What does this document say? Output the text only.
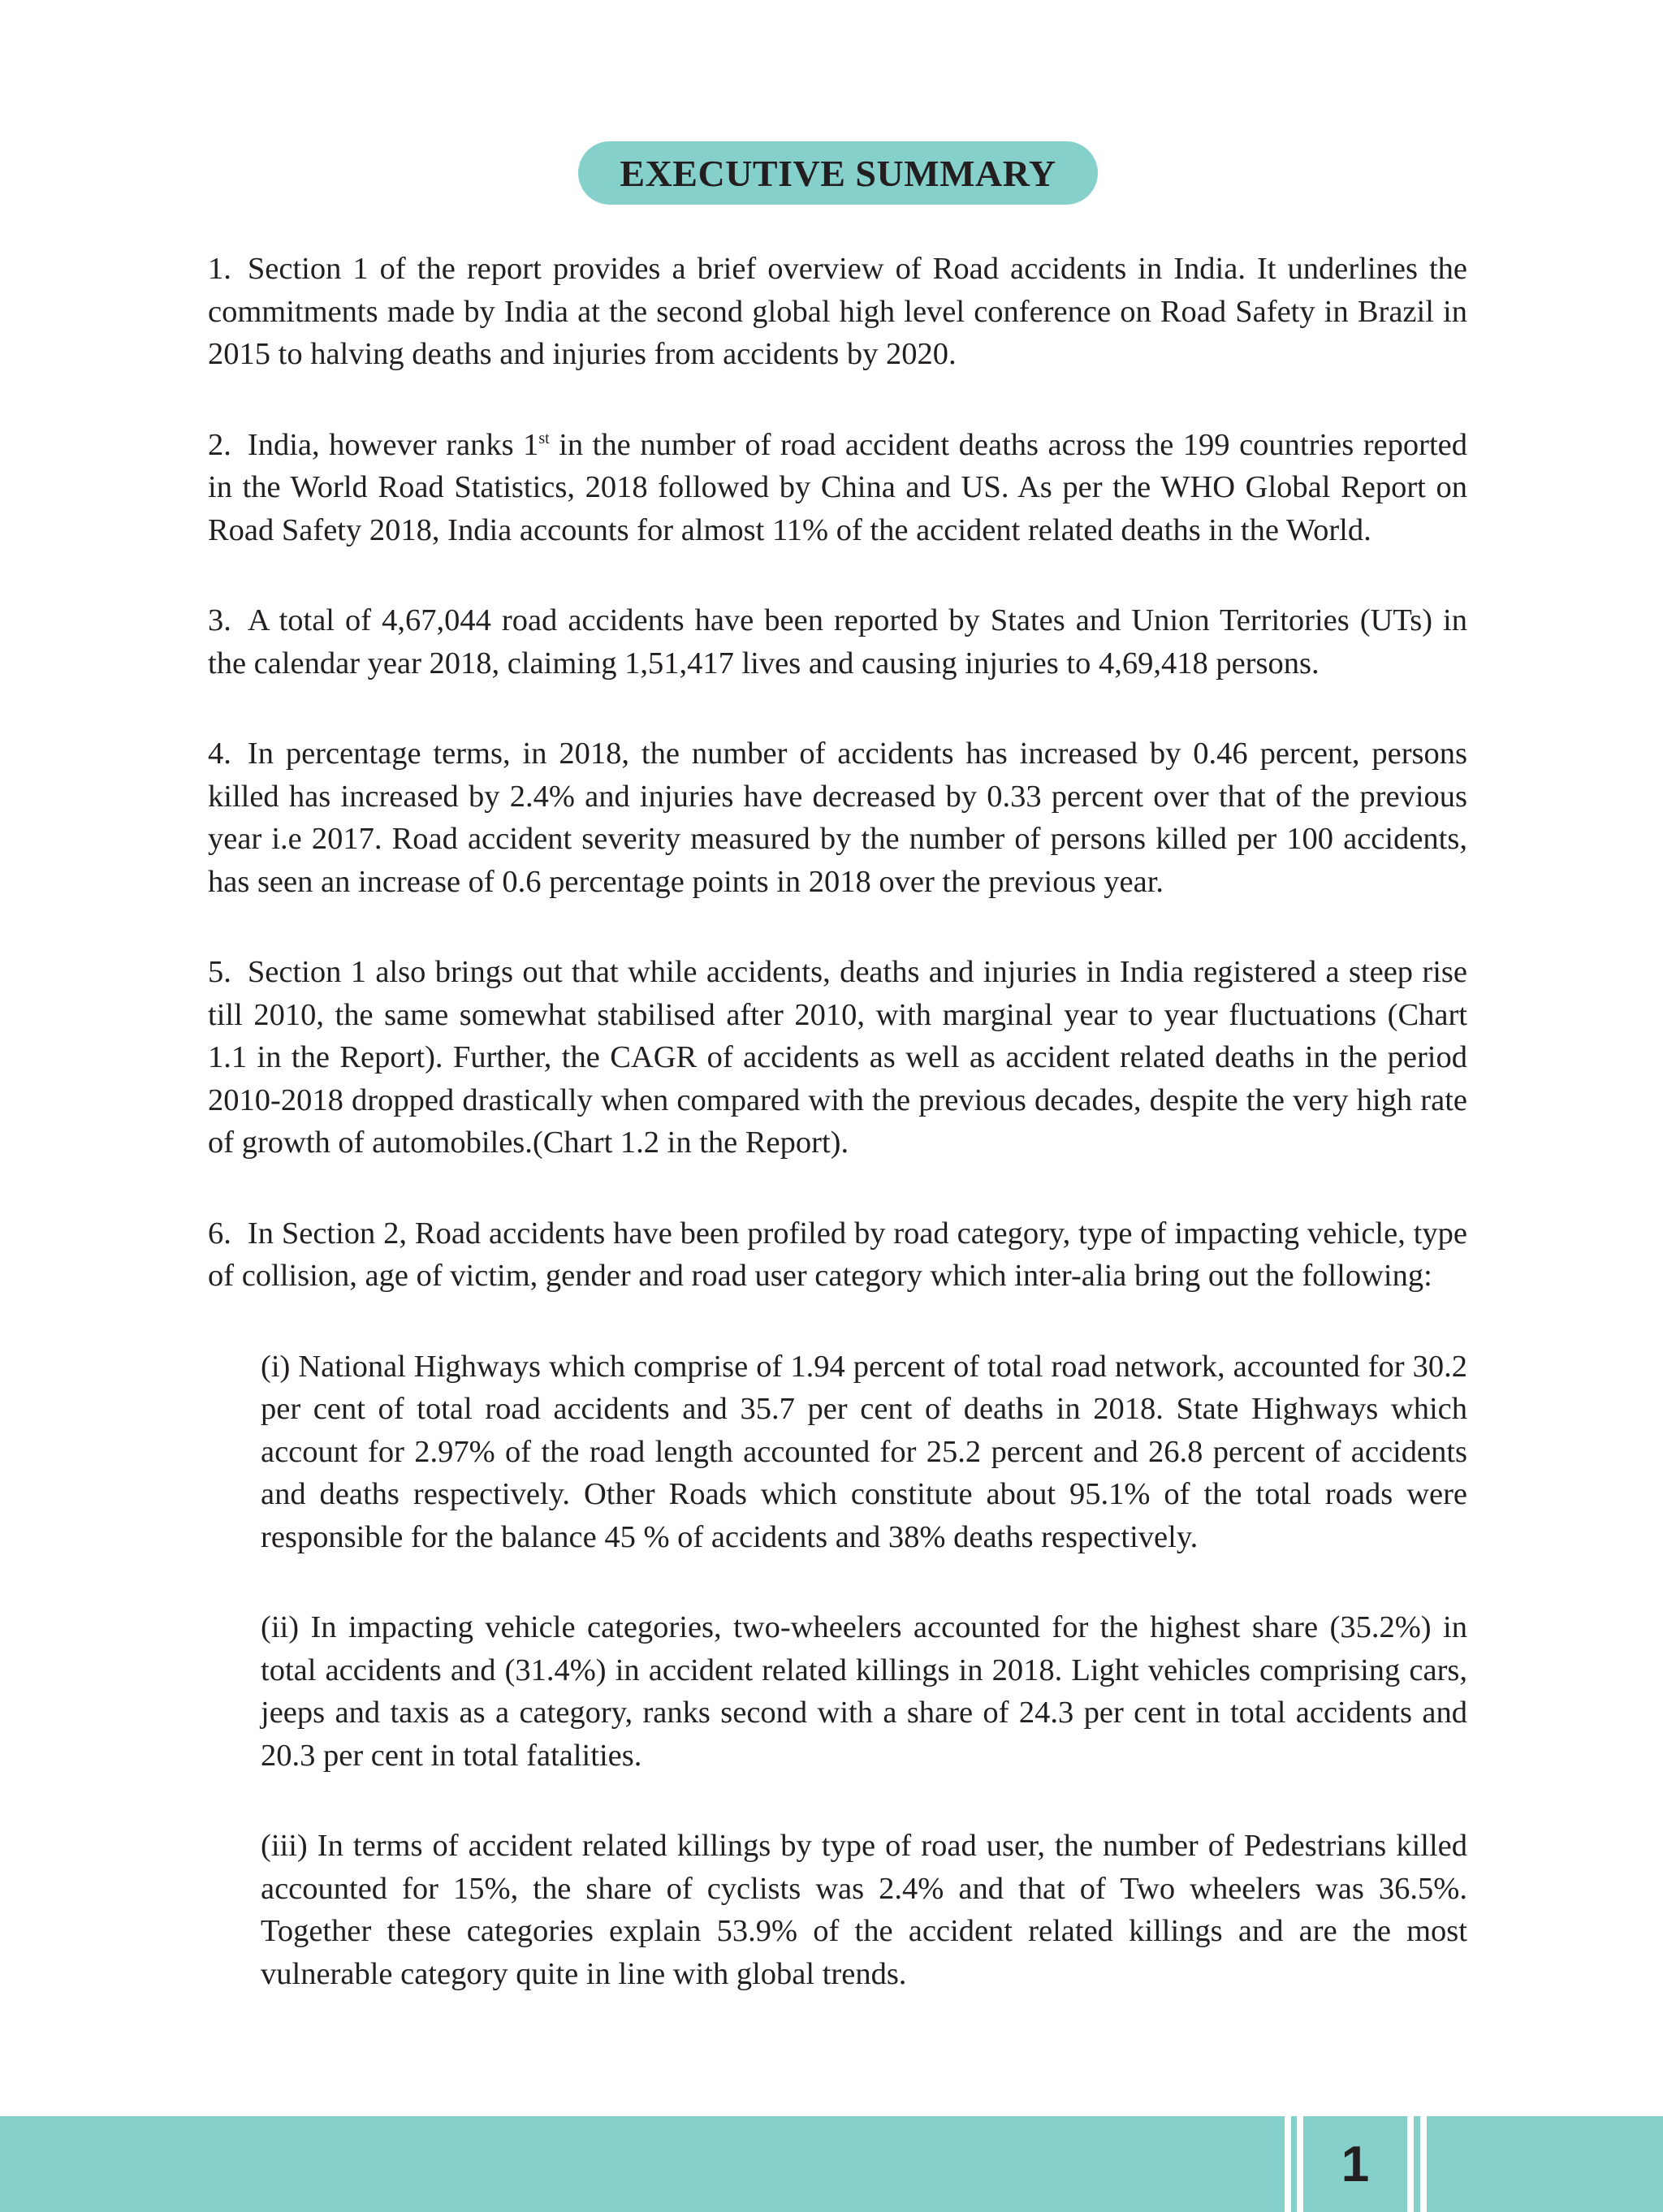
EXECUTIVE SUMMARY

1. Section 1 of the report provides a brief overview of Road accidents in India. It underlines the commitments made by India at the second global high level conference on Road Safety in Brazil in 2015 to halving deaths and injuries from accidents by 2020.

2. India, however ranks 1st in the number of road accident deaths across the 199 countries reported in the World Road Statistics, 2018 followed by China and US. As per the WHO Global Report on Road Safety 2018, India accounts for almost 11% of the accident related deaths in the World.

3. A total of 4,67,044 road accidents have been reported by States and Union Territories (UTs) in the calendar year 2018, claiming 1,51,417 lives and causing injuries to 4,69,418 persons.

4. In percentage terms, in 2018, the number of accidents has increased by 0.46 percent, persons killed has increased by 2.4% and injuries have decreased by 0.33 percent over that of the previous year i.e 2017. Road accident severity measured by the number of persons killed per 100 accidents, has seen an increase of 0.6 percentage points in 2018 over the previous year.

5. Section 1 also brings out that while accidents, deaths and injuries in India registered a steep rise till 2010, the same somewhat stabilised after 2010, with marginal year to year fluctuations (Chart 1.1 in the Report). Further, the CAGR of accidents as well as accident related deaths in the period 2010-2018 dropped drastically when compared with the previous decades, despite the very high rate of growth of automobiles.(Chart 1.2 in the Report).

6. In Section 2, Road accidents have been profiled by road category, type of impacting vehicle, type of collision, age of victim, gender and road user category which inter-alia bring out the following:

(i) National Highways which comprise of 1.94 percent of total road network, accounted for 30.2 per cent of total road accidents and 35.7 per cent of deaths in 2018. State Highways which account for 2.97% of the road length accounted for 25.2 percent and 26.8 percent of accidents and deaths respectively. Other Roads which constitute about 95.1% of the total roads were responsible for the balance 45 % of accidents and 38% deaths respectively.

(ii) In impacting vehicle categories, two-wheelers accounted for the highest share (35.2%) in total accidents and (31.4%) in accident related killings in 2018. Light vehicles comprising cars, jeeps and taxis as a category, ranks second with a share of 24.3 per cent in total accidents and 20.3 per cent in total fatalities.

(iii) In terms of accident related killings by type of road user, the number of Pedestrians killed accounted for 15%, the share of cyclists was 2.4% and that of Two wheelers was 36.5%. Together these categories explain 53.9% of the accident related killings and are the most vulnerable category quite in line with global trends.

1
